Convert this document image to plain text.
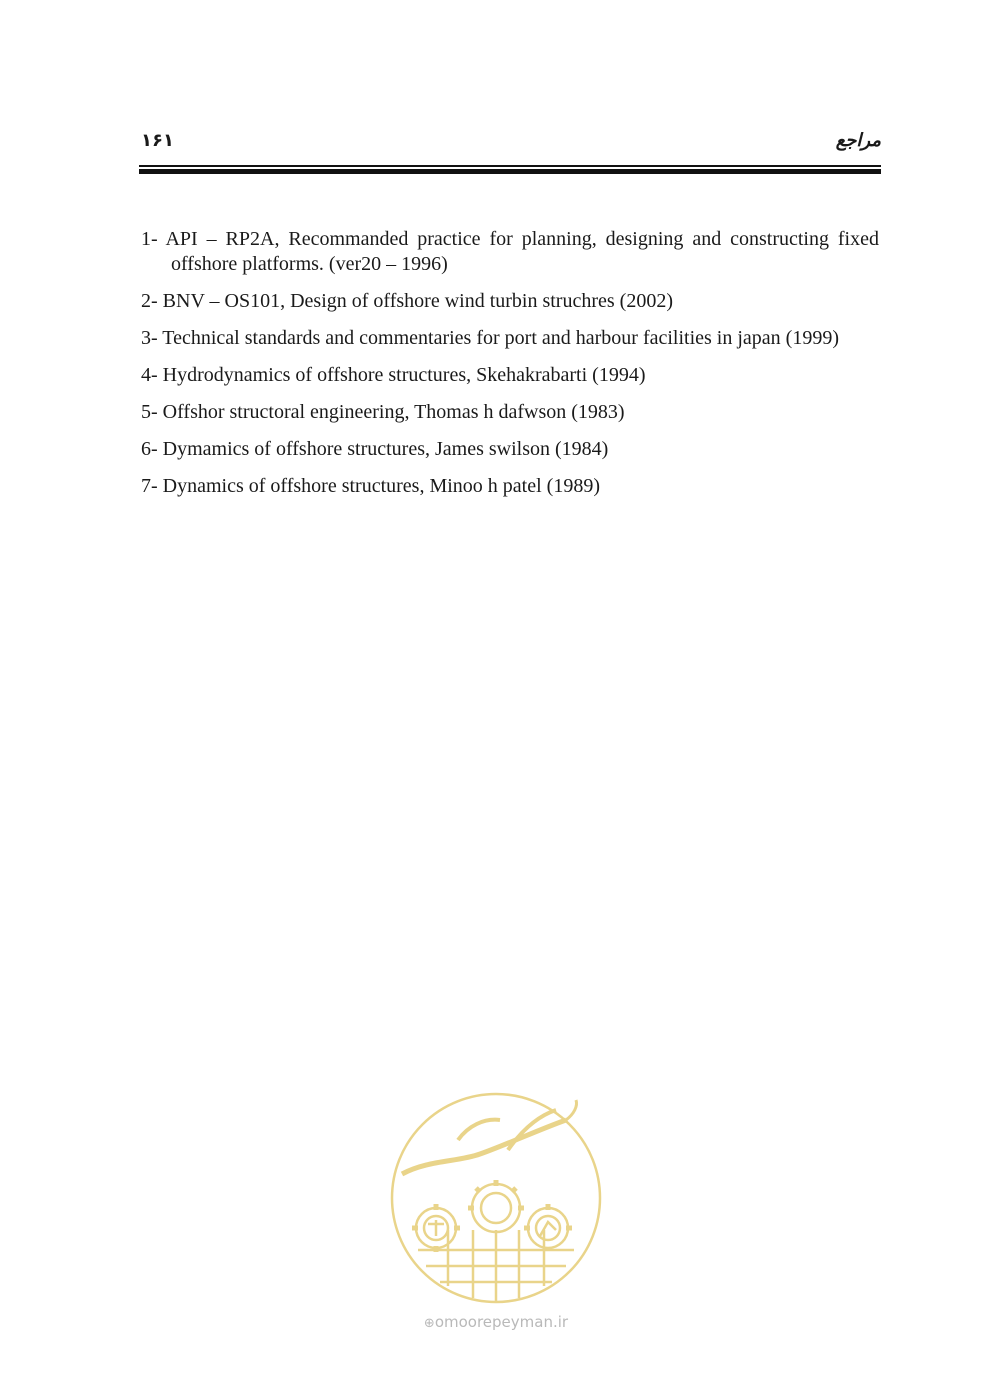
۱۶۱	مراجع
1- API – RP2A, Recommanded practice for planning, designing and constructing fixed offshore platforms. (ver20 – 1996)
2- BNV – OS101, Design of offshore wind turbin struchres (2002)
3- Technical standards and commentaries for port and harbour facilities in japan (1999)
4- Hydrodynamics of offshore structures, Skehakrabarti (1994)
5- Offshor structoral engineering, Thomas h dafwson (1983)
6- Dymamics of offshore structures, James swilson (1984)
7- Dynamics of offshore structures, Minoo h patel (1989)
⊕omoorepeyman.ir
